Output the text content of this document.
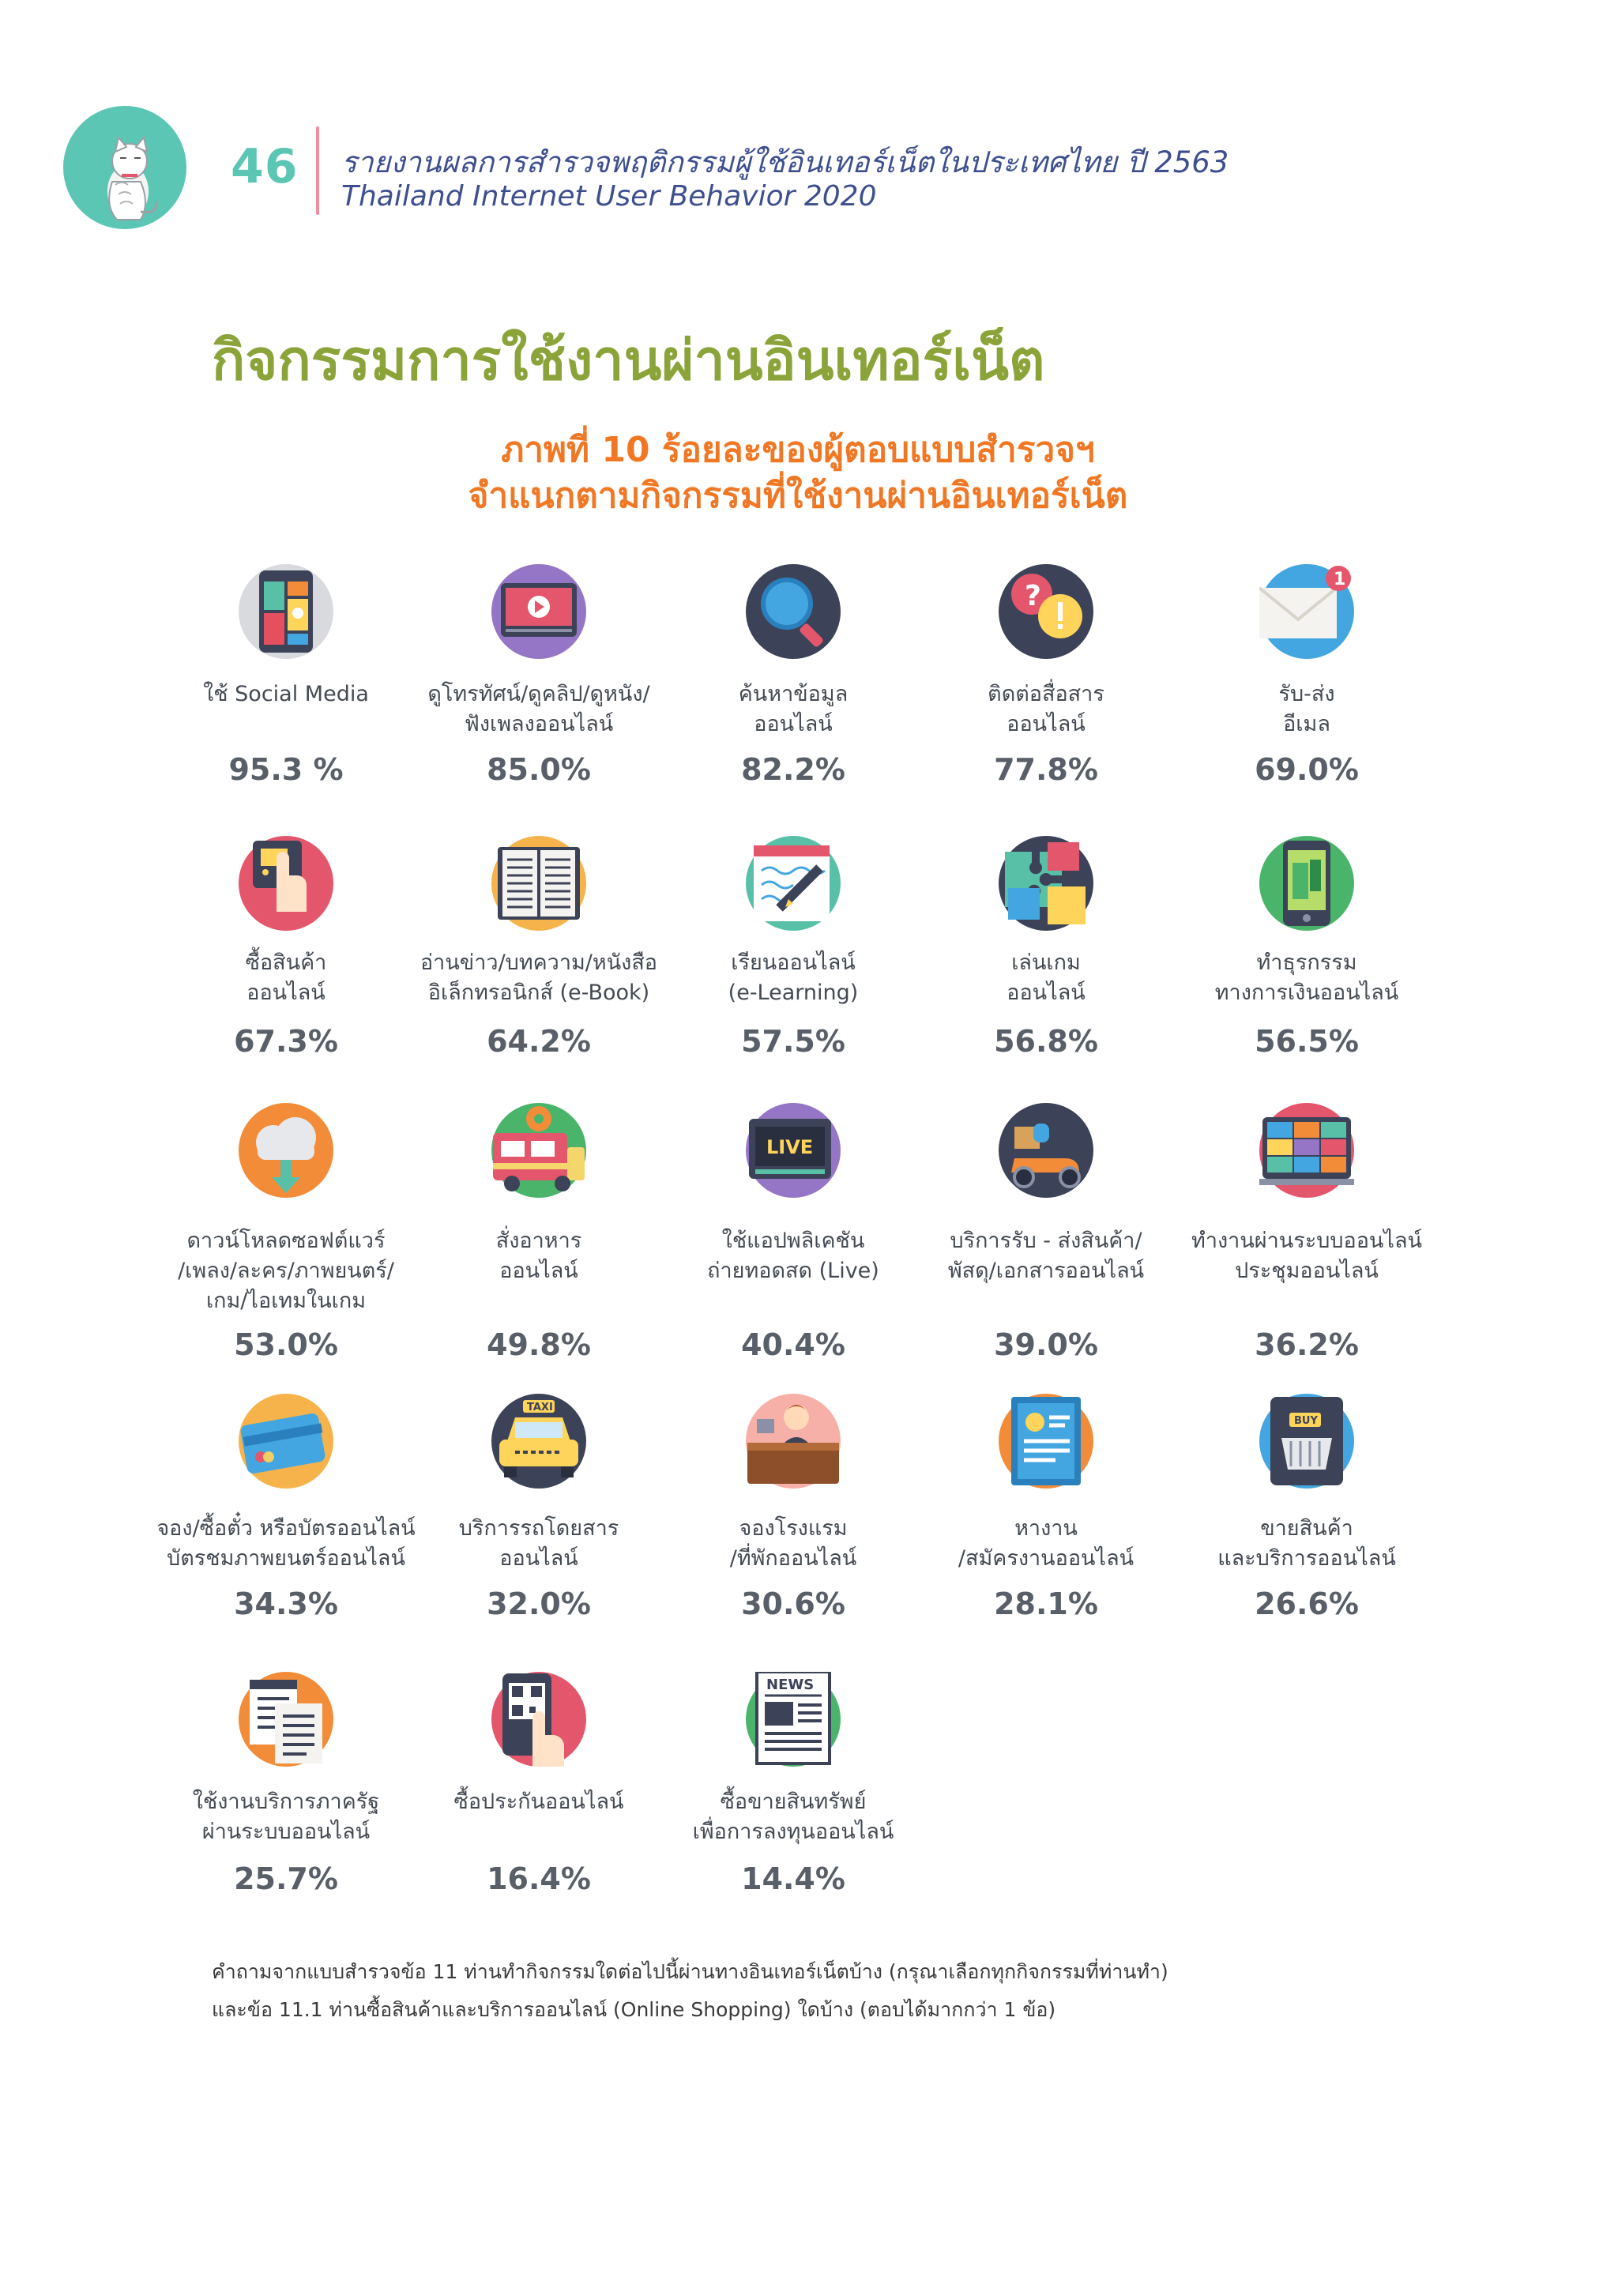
46 รายงานผลการสำรวจพฤติกรรมผู้ใช้อินเทอร์เน็ตในประเทศไทย ปี 2563
Thailand Internet User Behavior 2020
กิจกรรมการใช้งานผ่านอินเทอร์เน็ต
ภาพที่ 10 ร้อยละของผู้ตอบแบบสำรวจฯ
จำแนกตามกิจกรรมที่ใช้งานผ่านอินเทอร์เน็ต
ใช้ Social Media
95.3 %
ดูโทรทัศน์/ดูคลิป/ดูหนัง/
ฟังเพลงออนไลน์
85.0%
ค้นหาข้อมูล
ออนไลน์
82.2%
?
ติดต่อสื่อสาร
ออนไลน์
77.8%
1
รับ-ส่ง
อีเมล
69.0%
ซื้อสินค้า
ออนไลน์
67.3%
อ่านข่าว/บทความ/หนังสือ
อิเล็กทรอนิกส์ (e-Book)
64.2%
เรียนออนไลน์
(e-Learning)
57.5%
เล่นเกม
ออนไลน์
56.8%
ทำธุรกรรม
ทางการเงินออนไลน์
56.5%
ดาวน์โหลดซอฟต์แวร์
/เพลง/ละคร/ภาพยนตร์/
เกม/ไอเทมในเกม
53.0%
สั่งอาหาร
ออนไลน์
49.8%
LIVE
ใช้แอปพลิเคชัน
ถ่ายทอดสด (Live)
40.4%
บริการรับ - ส่งสินค้า/
พัสดุ/เอกสารออนไลน์
39.0%
ทำงานผ่านระบบออนไลน์
ประชุมออนไลน์
36.2%
จอง/ซื้อตั๋ว หรือบัตรออนไลน์
บัตรชมภาพยนตร์ออนไลน์
34.3%
TAXI
บริการรถโดยสาร
ออนไลน์
32.0%
จองโรงแรม
/ที่พักออนไลน์
30.6%
หางาน
/สมัครงานออนไลน์
28.1%
BUY
ขายสินค้า
และบริการออนไลน์
26.6%
ใช้งานบริการภาครัฐ
ผ่านระบบออนไลน์
25.7%
ซื้อประกันออนไลน์
16.4%
NEWS
ซื้อขายสินทรัพย์
เพื่อการลงทุนออนไลน์
14.4%
คำถามจากแบบสำรวจข้อ 11 ท่านทำกิจกรรมใดต่อไปนี้ผ่านทางอินเทอร์เน็ตบ้าง (กรุณาเลือกทุกกิจกรรมที่ท่านทำ)
และข้อ 11.1 ท่านซื้อสินค้าและบริการออนไลน์ (Online Shopping) ใดบ้าง (ตอบได้มากกว่า 1 ข้อ)
